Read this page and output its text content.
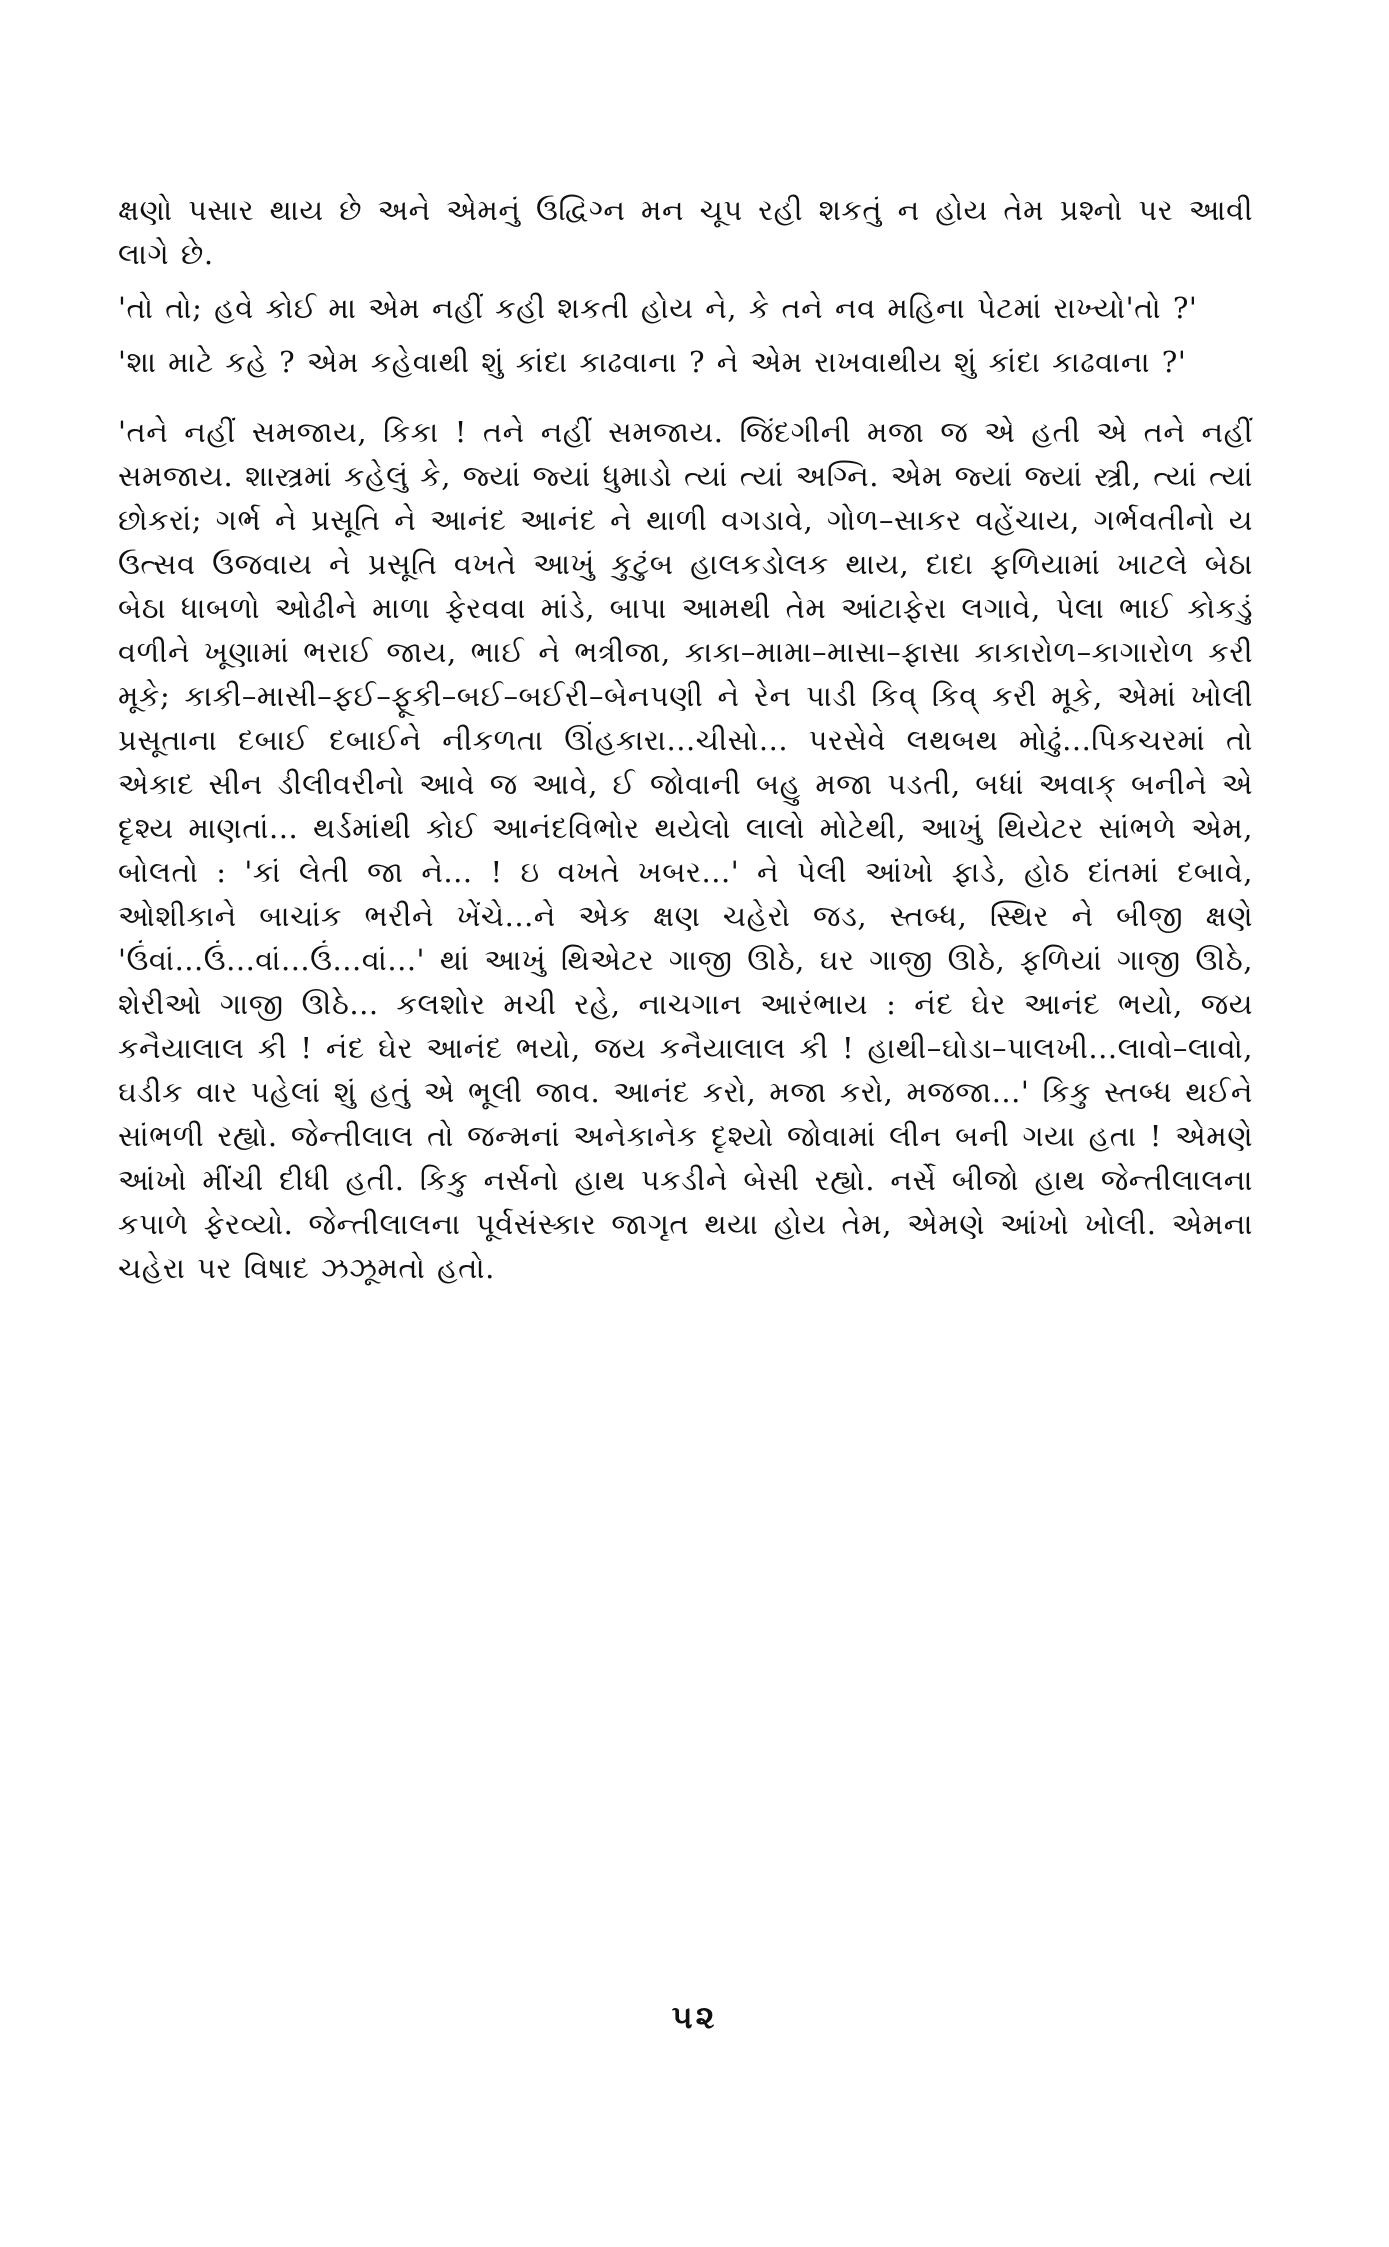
ક્ષણો પસાર થાય છે અને એમનું ઉદ્વિગ્ન મન ચૂપ રહી શકતું ન હોય તેમ પ્રશ્નો પર આવી લાગે છે.

'તો તો; હવે કોઈ મા એમ નહીં કહી શકતી હોય ને, કે તને નવ મહિના પેટમાં રાખ્યો'તો ?'

'શા માટે કહે ? એમ કહેવાથી શું કાંદા કાઢવાના ? ને એમ રાખવાથીય શું કાંદા કાઢવાના ?'

'તને નહીં સમજાય, કિકા ! તને નહીં સમજાય. જિંદગીની મજા જ એ હતી એ તને નહીં સમજાય. શાસ્ત્રમાં કહેલું કે, જ્યાં જ્યાં ધુમાડો ત્યાં ત્યાં અગ્નિ. એમ જ્યાં જ્યાં સ્ત્રી, ત્યાં ત્યાં છોકરાં; ગર્ભ ને પ્રસૂતિ ને આનંદ આનંદ ને થાળી વગડાવે, ગોળ–સાકર વહેંચાય, ગર્ભવતીનો ય ઉત્સવ ઉજવાય ને પ્રસૂતિ વખતે આખું કુટુંબ હાલકડોલક થાય, દાદા ફળિયામાં ખાટલે બેઠા બેઠા ધાબળો ઓઢીને માળા ફેરવવા માંડે, બાપા આમથી તેમ આંટાફેરા લગાવે, પેલા ભાઈ કોકડું વળીને ખૂણામાં ભરાઈ જાય, ભાઈ ને ભત્રીજા, કાકા–મામા–માસા–ફાસા કાકારોળ–કાગારોળ કરી મૂકે; કાકી–માસી–ફઈ–ફૂકી–બઈ–બઈરી–બેનપણી ને રેન પાડી કિવ્ કિવ્ કરી મૂકે, એમાં ખોલી પ્રસૂતાના દબાઈ દબાઈને નીકળતા ઊંહકારા...ચીસો... પરસેવે લથબથ મોઢું...પિકચરમાં તો એકાદ સીન ડીલીવરીનો આવે જ આવે, ઈ જોવાની બહુ મજા પડતી, બધાં અવાક્ બનીને એ દૃશ્ય માણતાં... થર્ડમાંથી કોઈ આનંદવિભોર થયેલો લાલો મોટેથી, આખું થિયેટર સાંભળે એમ, બોલતો : 'કાં લેતી જા ને... ! ઇ વખતે ખબર...' ને પેલી આંખો ફાડે, હોઠ દાંતમાં દબાવે, ઓશીકાને બાચાંક ભરીને ખેંચે...ને એક ક્ષણ ચહેરો જડ, સ્તબ્ધ, સ્થિર ને બીજી ક્ષણે 'ઉંવાં...ઉં...વાં...ઉં...વાં...' થાં આખું થિએટર ગાજી ઊઠે, ઘર ગાજી ઊઠે, ફળિયાં ગાજી ઊઠે, શેરીઓ ગાજી ઊઠે... કલશોર મચી રહે, નાચગાન આરંભાય : નંદ ઘેર આનંદ ભયો, જય કનૈયાલાલ કી ! નંદ ઘેર આનંદ ભયો, જય કનૈયાલાલ કી ! હાથી–ઘોડા–પાલખી...લાવો–લાવો, ઘડીક વાર પહેલાં શું હતું એ ભૂલી જાવ. આનંદ કરો, મજા કરો, મજજા...' કિકુ સ્તબ્ધ થઈને સાંભળી રહ્યો. જેન્તીલાલ તો જન્મનાં અનેકાનેક દૃશ્યો જોવામાં લીન બની ગયા હતા ! એમણે આંખો મીંચી દીધી હતી. કિકુ નર્સનો હાથ પકડીને બેસી રહ્યો. નર્સે બીજો હાથ જેન્તીલાલના કપાળે ફેરવ્યો. જેન્તીલાલના પૂર્વસંસ્કાર જાગૃત થયા હોય તેમ, એમણે આંખો ખોલી. એમના ચહેરા પર વિષાદ ઝઝૂમતો હતો.

૫૨
